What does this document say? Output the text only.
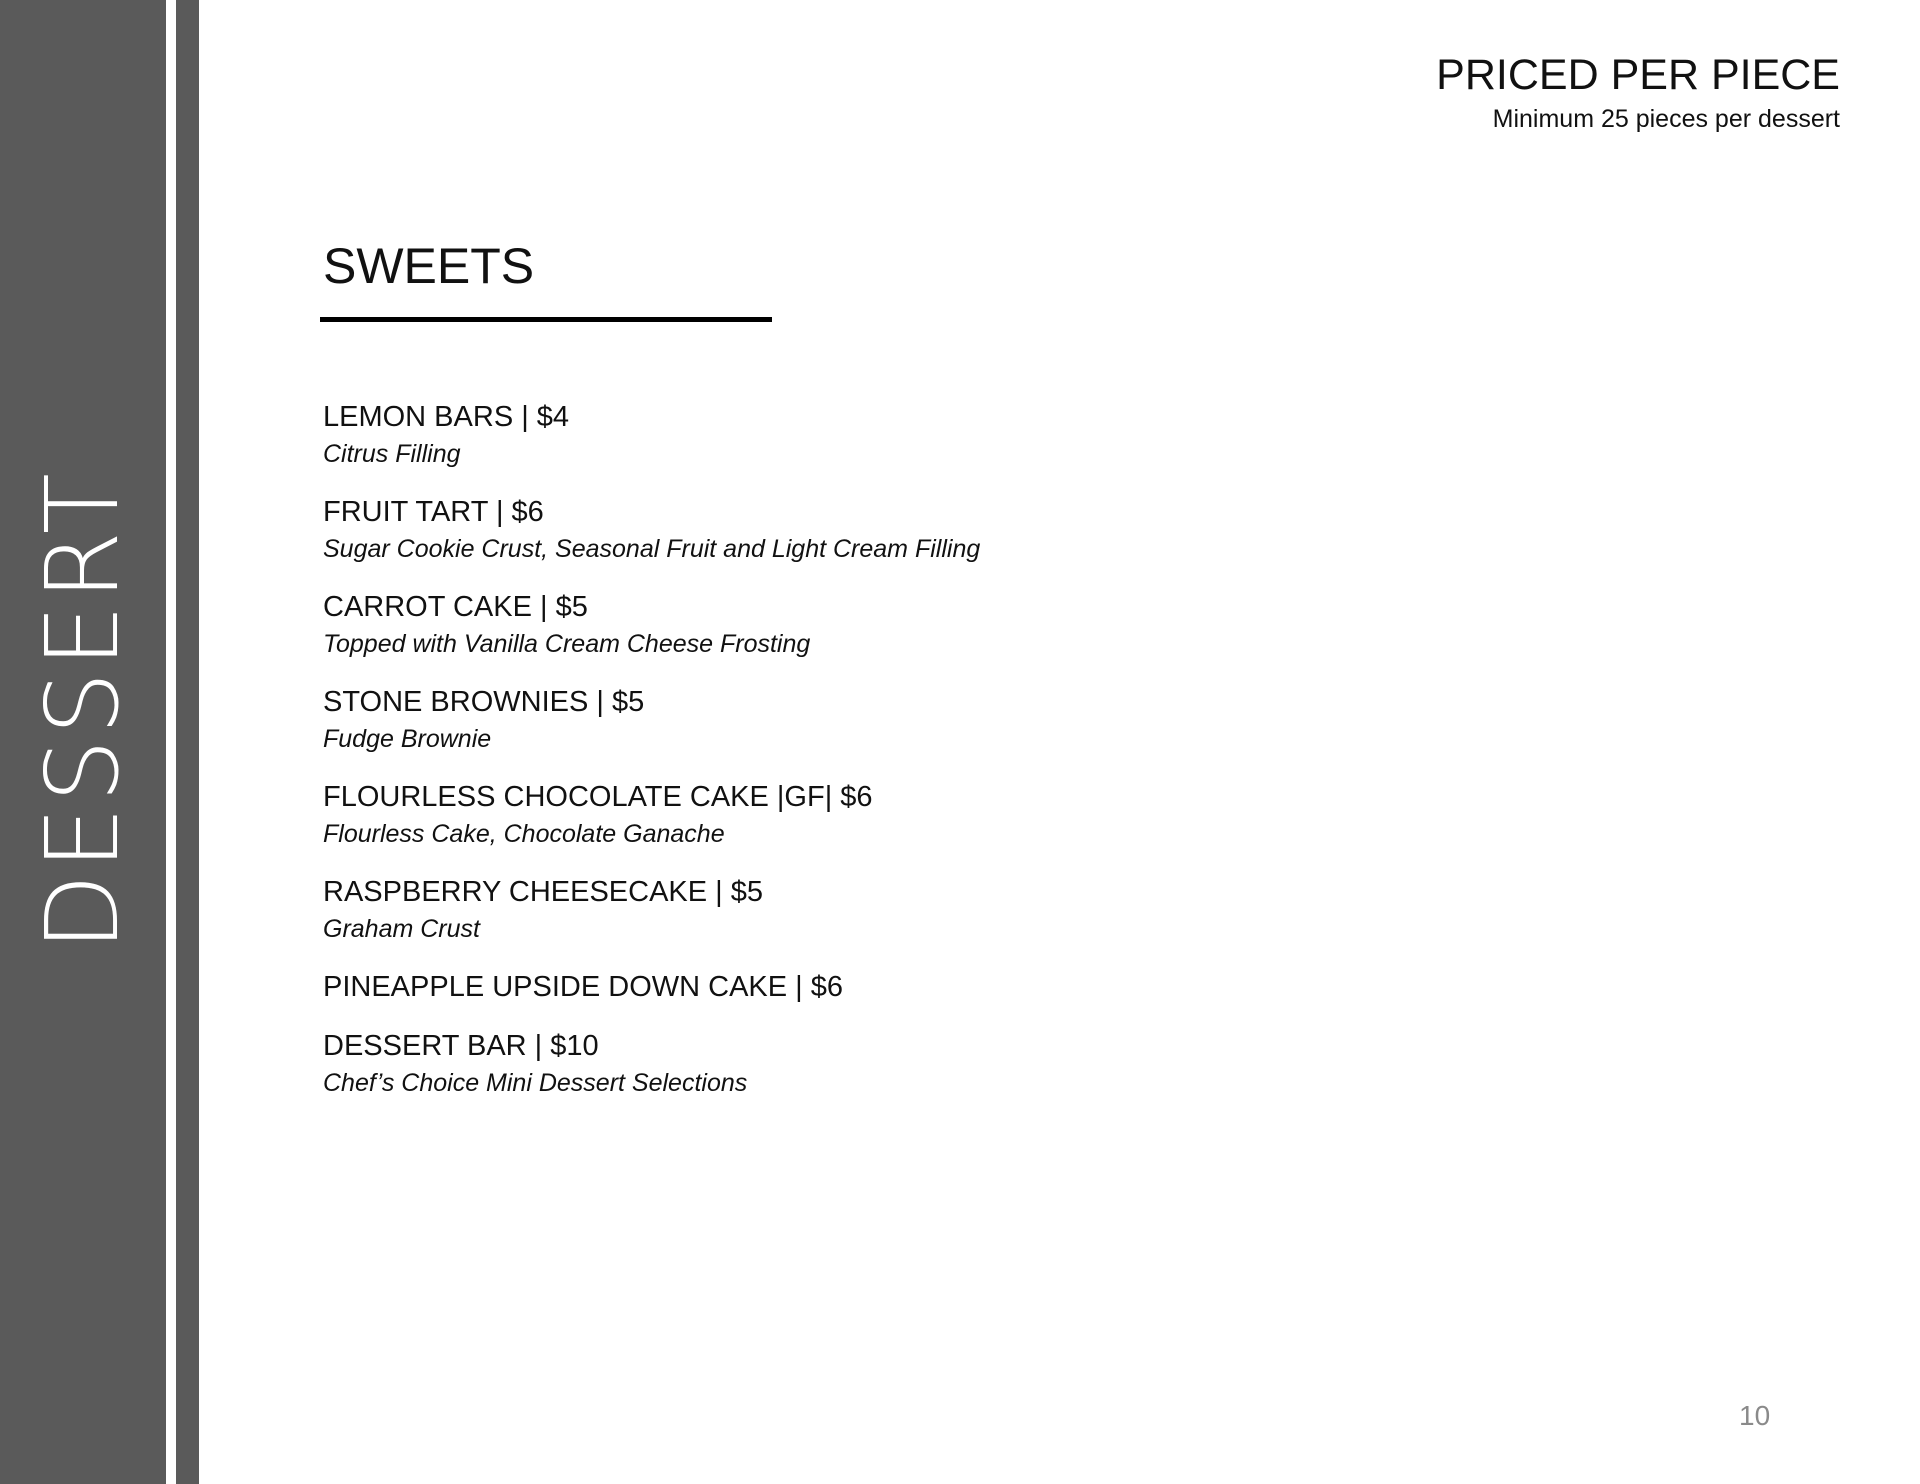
DESSERT
PRICED PER PIECE
Minimum 25 pieces per dessert
SWEETS
LEMON BARS | $4
Citrus Filling
FRUIT TART | $6
Sugar Cookie Crust, Seasonal Fruit and Light Cream Filling
CARROT CAKE | $5
Topped with Vanilla Cream Cheese Frosting
STONE BROWNIES | $5
Fudge Brownie
FLOURLESS CHOCOLATE CAKE |GF| $6
Flourless Cake, Chocolate Ganache
RASPBERRY CHEESECAKE | $5
Graham Crust
PINEAPPLE UPSIDE DOWN CAKE | $6
DESSERT BAR | $10
Chef’s Choice Mini Dessert Selections
10
